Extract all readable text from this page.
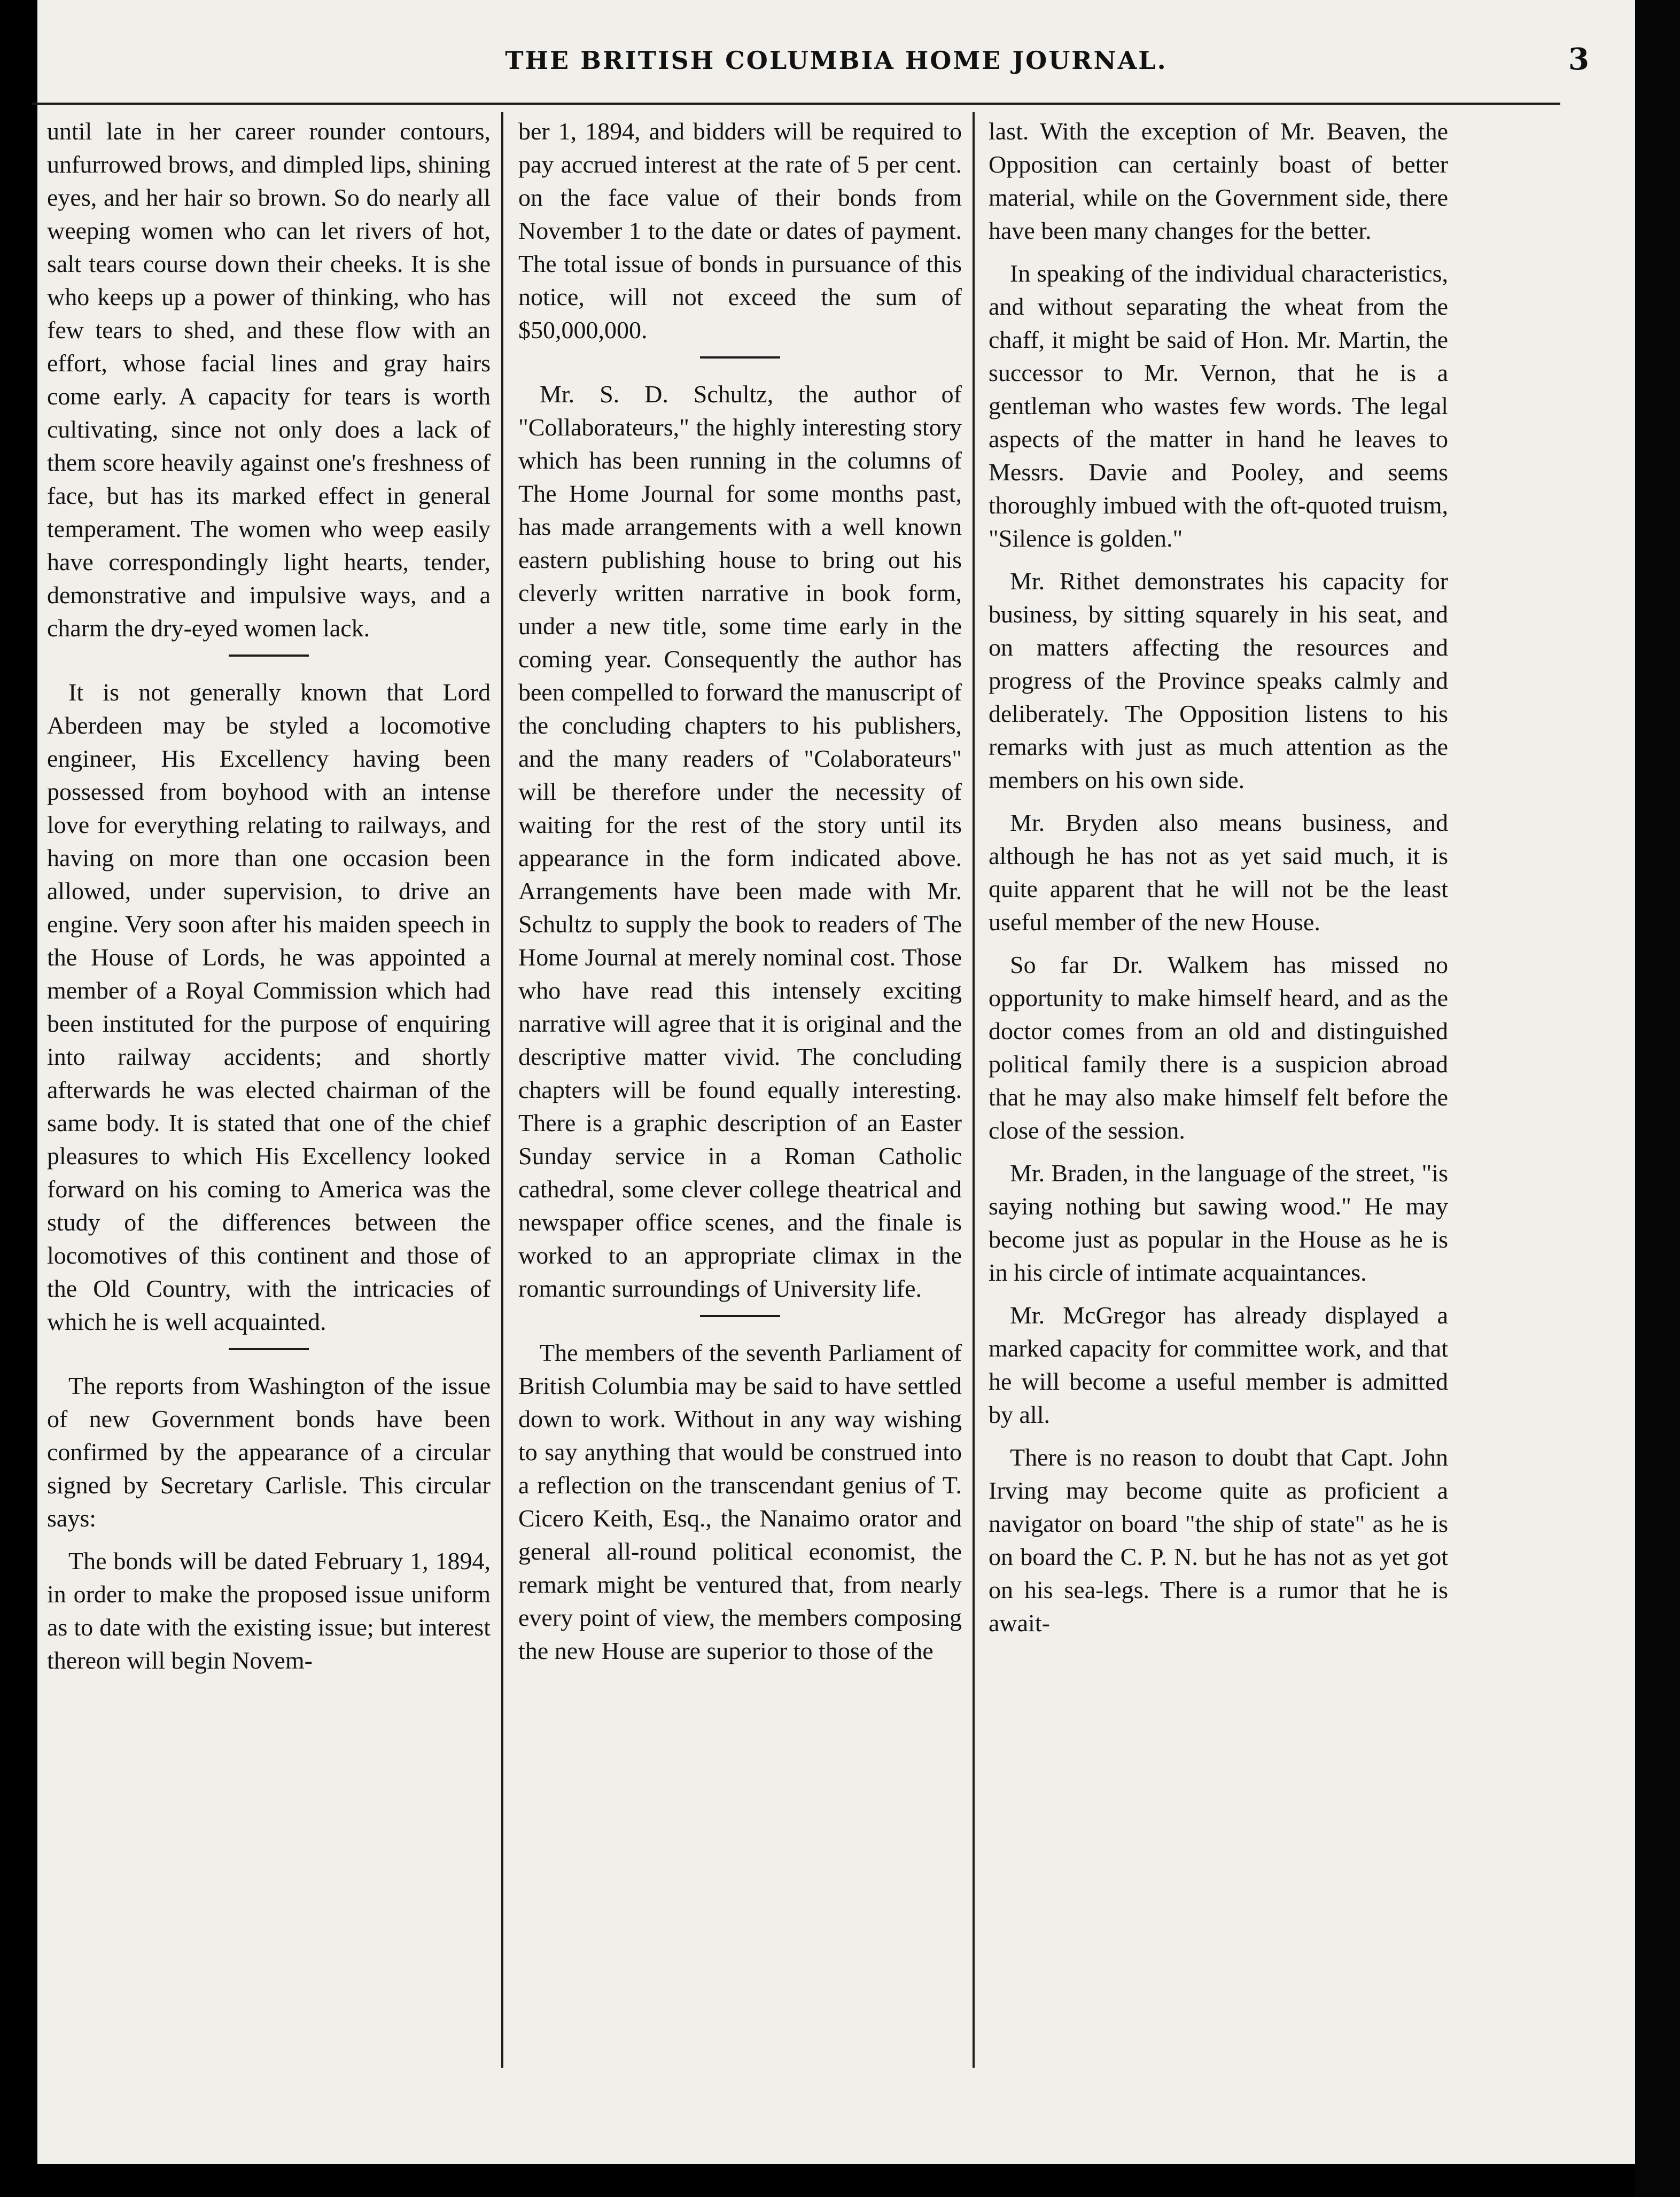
THE BRITISH COLUMBIA HOME JOURNAL.	3

until late in her career rounder contours, unfurrowed brows, and dimpled lips, shining eyes, and her hair so brown. So do nearly all weeping women who can let rivers of hot, salt tears course down their cheeks. It is she who keeps up a power of thinking, who has few tears to shed, and these flow with an effort, whose facial lines and gray hairs come early. A capacity for tears is worth cultivating, since not only does a lack of them score heavily against one's freshness of face, but has its marked effect in general temperament. The women who weep easily have correspondingly light hearts, tender, demonstrative and impulsive ways, and a charm the dry-eyed women lack.

It is not generally known that Lord Aberdeen may be styled a locomotive engineer, His Excellency having been possessed from boyhood with an intense love for everything relating to railways, and having on more than one occasion been allowed, under supervision, to drive an engine. Very soon after his maiden speech in the House of Lords, he was appointed a member of a Royal Commission which had been instituted for the purpose of enquiring into railway accidents; and shortly afterwards he was elected chairman of the same body. It is stated that one of the chief pleasures to which His Excellency looked forward on his coming to America was the study of the differences between the locomotives of this continent and those of the Old Country, with the intricacies of which he is well acquainted.

The reports from Washington of the issue of new Government bonds have been confirmed by the appearance of a circular signed by Secretary Carlisle. This circular says:

The bonds will be dated February 1, 1894, in order to make the proposed issue uniform as to date with the existing issue; but interest thereon will begin Novem-

ber 1, 1894, and bidders will be required to pay accrued interest at the rate of 5 per cent. on the face value of their bonds from November 1 to the date or dates of payment. The total issue of bonds in pursuance of this notice, will not exceed the sum of $50,000,000.

Mr. S. D. Schultz, the author of "Collaborateurs," the highly interesting story which has been running in the columns of The Home Journal for some months past, has made arrangements with a well known eastern publishing house to bring out his cleverly written narrative in book form, under a new title, some time early in the coming year. Consequently the author has been compelled to forward the manuscript of the concluding chapters to his publishers, and the many readers of "Colaborateurs" will be therefore under the necessity of waiting for the rest of the story until its appearance in the form indicated above. Arrangements have been made with Mr. Schultz to supply the book to readers of The Home Journal at merely nominal cost. Those who have read this intensely exciting narrative will agree that it is original and the descriptive matter vivid. The concluding chapters will be found equally interesting. There is a graphic description of an Easter Sunday service in a Roman Catholic cathedral, some clever college theatrical and newspaper office scenes, and the finale is worked to an appropriate climax in the romantic surroundings of University life.

The members of the seventh Parliament of British Columbia may be said to have settled down to work. Without in any way wishing to say anything that would be construed into a reflection on the transcendant genius of T. Cicero Keith, Esq., the Nanaimo orator and general all-round political economist, the remark might be ventured that, from nearly every point of view, the members composing the new House are superior to those of the

last. With the exception of Mr. Beaven, the Opposition can certainly boast of better material, while on the Government side, there have been many changes for the better.

In speaking of the individual characteristics, and without separating the wheat from the chaff, it might be said of Hon. Mr. Martin, the successor to Mr. Vernon, that he is a gentleman who wastes few words. The legal aspects of the matter in hand he leaves to Messrs. Davie and Pooley, and seems thoroughly imbued with the oft-quoted truism, "Silence is golden."

Mr. Rithet demonstrates his capacity for business, by sitting squarely in his seat, and on matters affecting the resources and progress of the Province speaks calmly and deliberately. The Opposition listens to his remarks with just as much attention as the members on his own side.

Mr. Bryden also means business, and although he has not as yet said much, it is quite apparent that he will not be the least useful member of the new House.

So far Dr. Walkem has missed no opportunity to make himself heard, and as the doctor comes from an old and distinguished political family there is a suspicion abroad that he may also make himself felt before the close of the session.

Mr. Braden, in the language of the street, "is saying nothing but sawing wood." He may become just as popular in the House as he is in his circle of intimate acquaintances.

Mr. McGregor has already displayed a marked capacity for committee work, and that he will become a useful member is admitted by all.

There is no reason to doubt that Capt. John Irving may become quite as proficient a navigator on board "the ship of state" as he is on board the C. P. N. but he has not as yet got on his sea-legs. There is a rumor that he is await-
